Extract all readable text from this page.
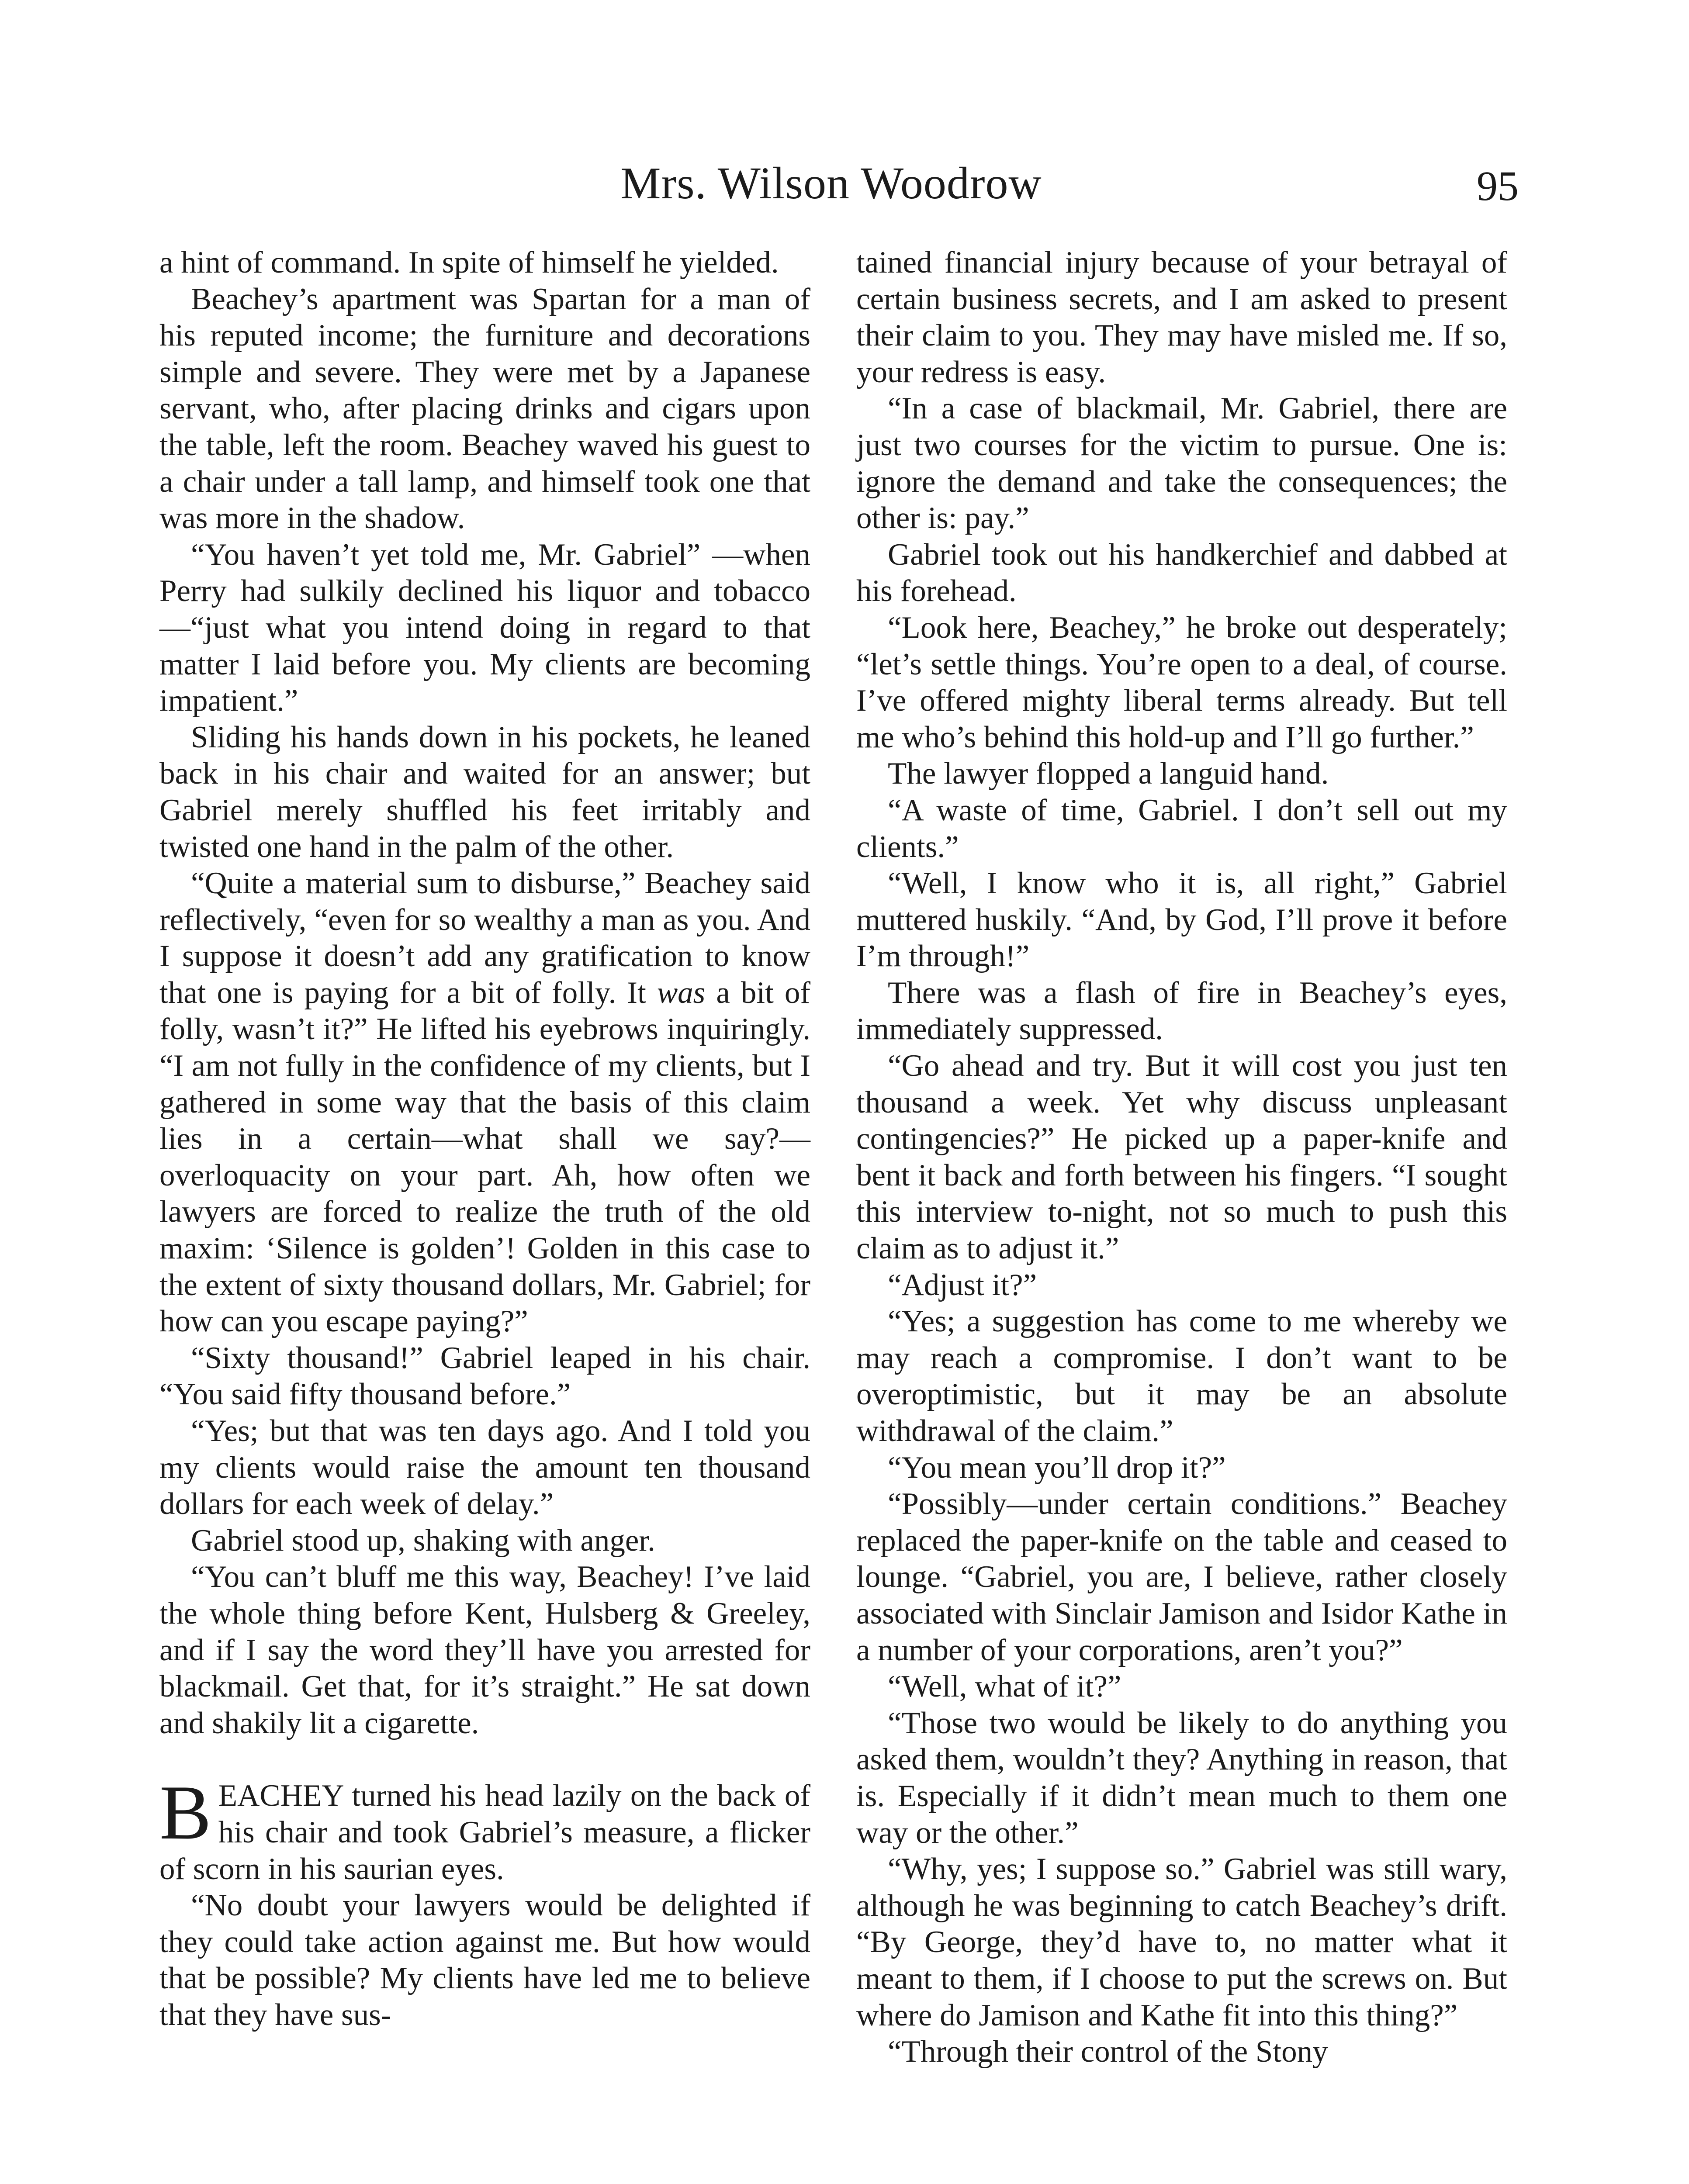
Mrs. Wilson Woodrow	95

a hint of command. In spite of himself he yielded.

Beachey’s apartment was Spartan for a man of his reputed income; the furniture and decorations simple and severe. They were met by a Japanese servant, who, after placing drinks and cigars upon the table, left the room. Beachey waved his guest to a chair under a tall lamp, and himself took one that was more in the shadow.

“You haven’t yet told me, Mr. Gabriel” —when Perry had sulkily declined his liquor and tobacco—“just what you intend doing in regard to that matter I laid before you. My clients are becoming impatient.”

Sliding his hands down in his pockets, he leaned back in his chair and waited for an answer; but Gabriel merely shuffled his feet irritably and twisted one hand in the palm of the other.

“Quite a material sum to disburse,” Beachey said reflectively, “even for so wealthy a man as you. And I suppose it doesn’t add any gratification to know that one is paying for a bit of folly. It was a bit of folly, wasn’t it?” He lifted his eyebrows inquiringly. “I am not fully in the confidence of my clients, but I gathered in some way that the basis of this claim lies in a certain—what shall we say?—overloquacity on your part. Ah, how often we lawyers are forced to realize the truth of the old maxim: ‘Silence is golden’! Golden in this case to the extent of sixty thousand dollars, Mr. Gabriel; for how can you escape paying?”

“Sixty thousand!” Gabriel leaped in his chair. “You said fifty thousand before.”

“Yes; but that was ten days ago. And I told you my clients would raise the amount ten thousand dollars for each week of delay.”

Gabriel stood up, shaking with anger.

“You can’t bluff me this way, Beachey! I’ve laid the whole thing before Kent, Hulsberg & Greeley, and if I say the word they’ll have you arrested for blackmail. Get that, for it’s straight.” He sat down and shakily lit a cigarette.

BEACHEY turned his head lazily on the back of his chair and took Gabriel’s measure, a flicker of scorn in his saurian eyes.

“No doubt your lawyers would be delighted if they could take action against me. But how would that be possible? My clients have led me to believe that they have sus-

tained financial injury because of your betrayal of certain business secrets, and I am asked to present their claim to you. They may have misled me. If so, your redress is easy.

“In a case of blackmail, Mr. Gabriel, there are just two courses for the victim to pursue. One is: ignore the demand and take the consequences; the other is: pay.”

Gabriel took out his handkerchief and dabbed at his forehead.

“Look here, Beachey,” he broke out desperately; “let’s settle things. You’re open to a deal, of course. I’ve offered mighty liberal terms already. But tell me who’s behind this hold-up and I’ll go further.”

The lawyer flopped a languid hand.

“A waste of time, Gabriel. I don’t sell out my clients.”

“Well, I know who it is, all right,” Gabriel muttered huskily. “And, by God, I’ll prove it before I’m through!”

There was a flash of fire in Beachey’s eyes, immediately suppressed.

“Go ahead and try. But it will cost you just ten thousand a week. Yet why discuss unpleasant contingencies?” He picked up a paper-knife and bent it back and forth between his fingers. “I sought this interview to-night, not so much to push this claim as to adjust it.”

“Adjust it?”

“Yes; a suggestion has come to me whereby we may reach a compromise. I don’t want to be overoptimistic, but it may be an absolute withdrawal of the claim.”

“You mean you’ll drop it?”

“Possibly—under certain conditions.” Beachey replaced the paper-knife on the table and ceased to lounge. “Gabriel, you are, I believe, rather closely associated with Sinclair Jamison and Isidor Kathe in a number of your corporations, aren’t you?”

“Well, what of it?”

“Those two would be likely to do anything you asked them, wouldn’t they? Anything in reason, that is. Especially if it didn’t mean much to them one way or the other.”

“Why, yes; I suppose so.” Gabriel was still wary, although he was beginning to catch Beachey’s drift. “By George, they’d have to, no matter what it meant to them, if I choose to put the screws on. But where do Jamison and Kathe fit into this thing?”

“Through their control of the Stony
